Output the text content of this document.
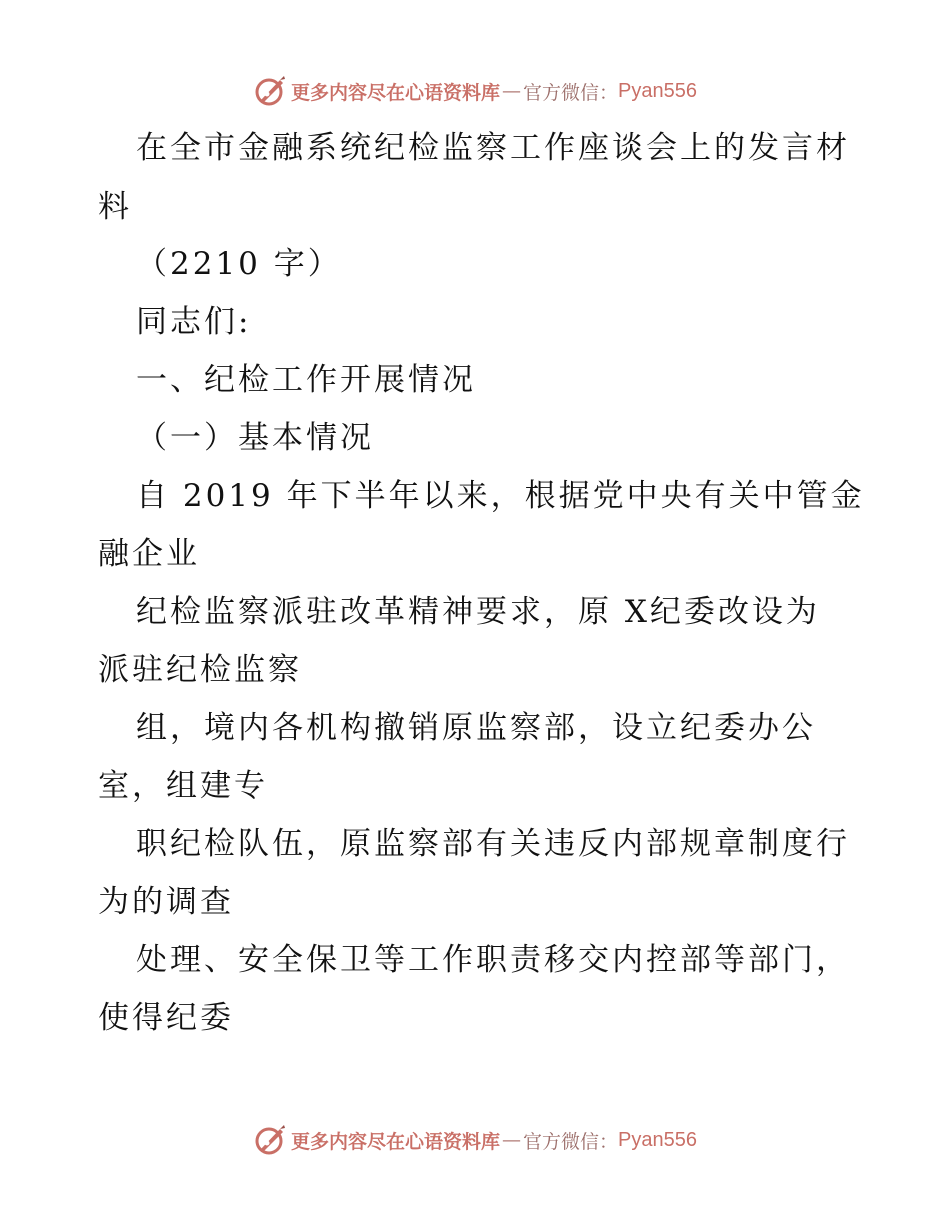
更多内容尽在心语资料库 — 官方微信： Pyan556
在全市金融系统纪检监察工作座谈会上的发言材
料
（2210 字）
同志们:
一、纪检工作开展情况
（一）基本情况
自 2019 年下半年以来，根据党中央有关中管金
融企业
纪检监察派驻改革精神要求，原 X纪委改设为
派驻纪检监察
组，境内各机构撤销原监察部，设立纪委办公
室，组建专
职纪检队伍，原监察部有关违反内部规章制度行
为的调查
处理、安全保卫等工作职责移交内控部等部门，
使得纪委
更多内容尽在心语资料库 — 官方微信： Pyan556
